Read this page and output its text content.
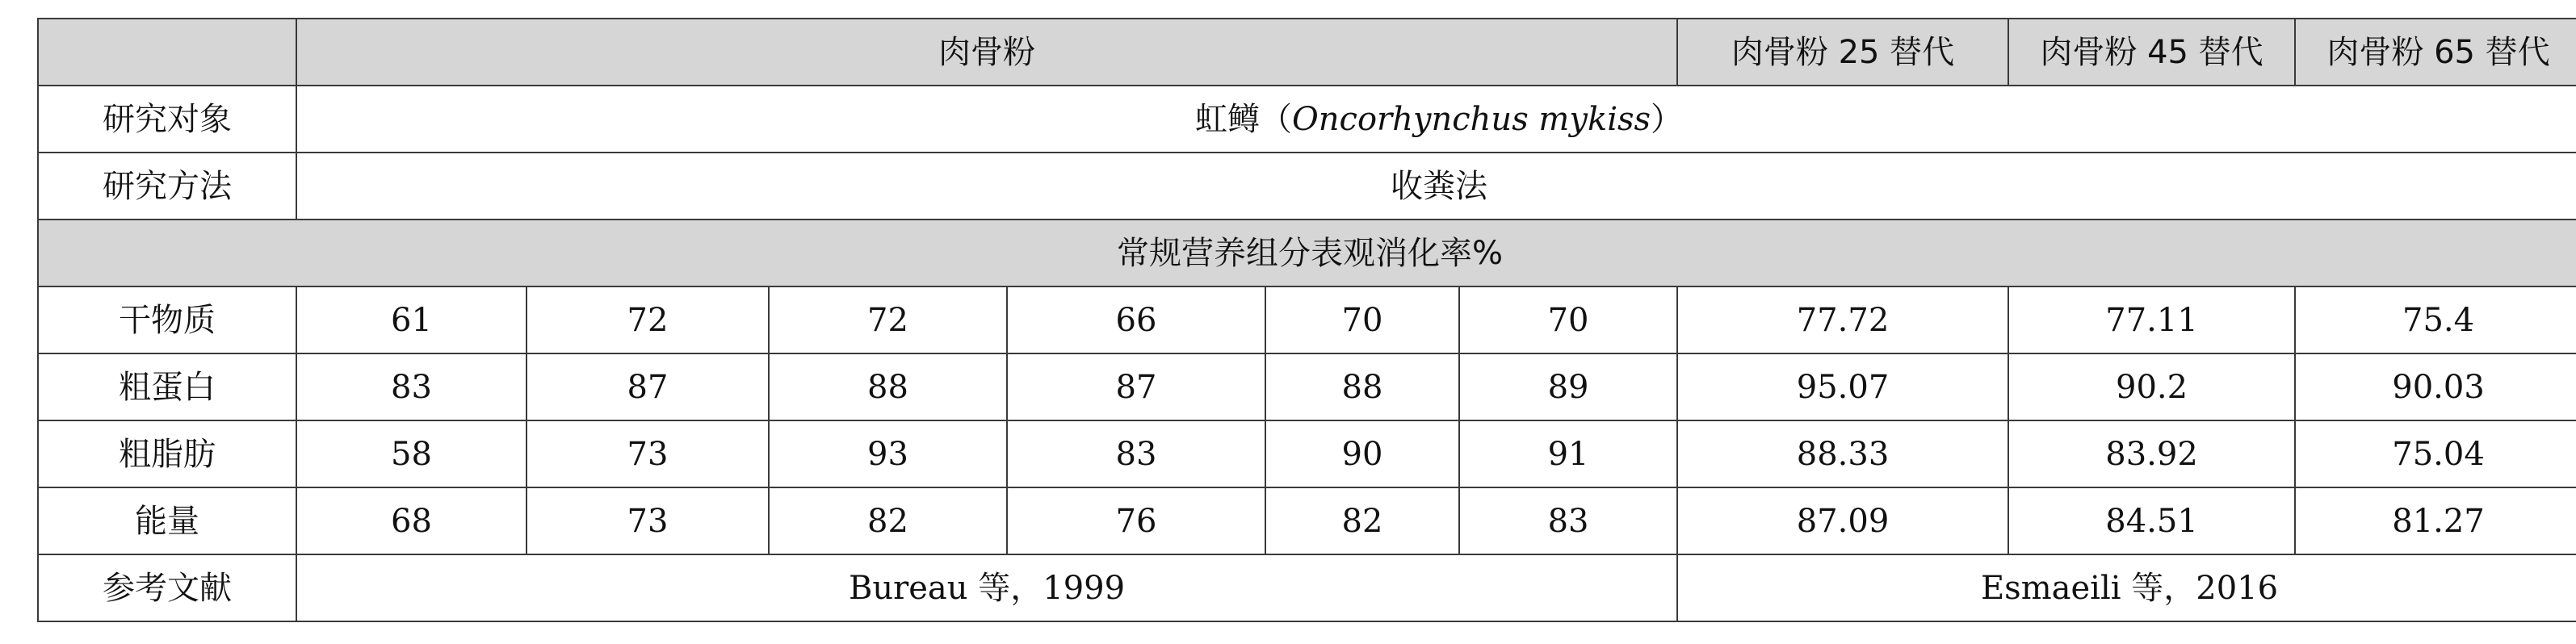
	肉骨粉						肉骨粉 25 替代	肉骨粉 45 替代	肉骨粉 65 替代
研究对象	虹鳟（Oncorhynchus mykiss）								
研究方法	收粪法								
常规营养组分表观消化率%									
干物质	61	72	72	66	70	70	77.72	77.11	75.4
粗蛋白	83	87	88	87	88	89	95.07	90.2	90.03
粗脂肪	58	73	93	83	90	91	88.33	83.92	75.04
能量	68	73	82	76	82	83	87.09	84.51	81.27
参考文献	Bureau 等，1999						Esmaeili 等，2016		
